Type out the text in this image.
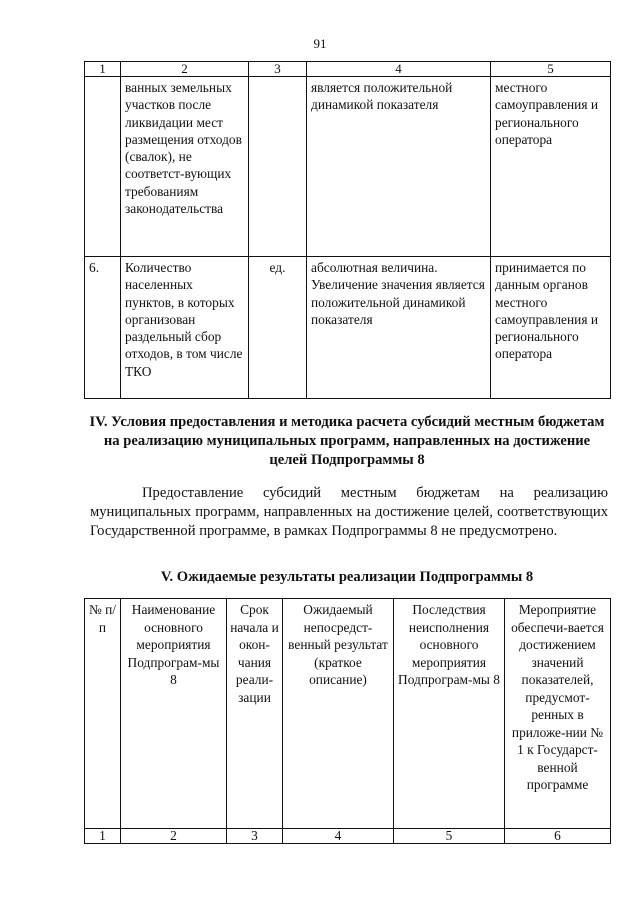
91
1	2	3	4	5
	ванных земельных участков после ликвидации мест размещения отходов (свалок), не соответст-вующих требованиям законодательства		является положительной динамикой показателя	местного самоуправления и регионального оператора
6.	Количество населенных пунктов, в которых организован раздельный сбор отходов, в том числе ТКО	ед.	абсолютная величина. Увеличение значения является положительной динамикой показателя	принимается по данным органов местного самоуправления и регионального оператора
IV. Условия предоставления и методика расчета субсидий местным бюджетам на реализацию муниципальных программ, направленных на достижение целей Подпрограммы 8
Предоставление субсидий местным бюджетам на реализацию муниципальных программ, направленных на достижение целей, соответствующих Государственной программе, в рамках Подпрограммы 8 не предусмотрено.
V. Ожидаемые результаты реализации Подпрограммы 8
№ п/п	Наименование основного мероприятия Подпрограм-мы 8	Срок начала и окон-чания реали-зации	Ожидаемый непосредст-венный результат (краткое описание)	Последствия неисполнения основного мероприятия Подпрограм-мы 8	Мероприятие обеспечи-вается достижением значений показателей, предусмот-ренных в приложе-нии № 1 к Государст-венной программе
1	2	3	4	5	6
